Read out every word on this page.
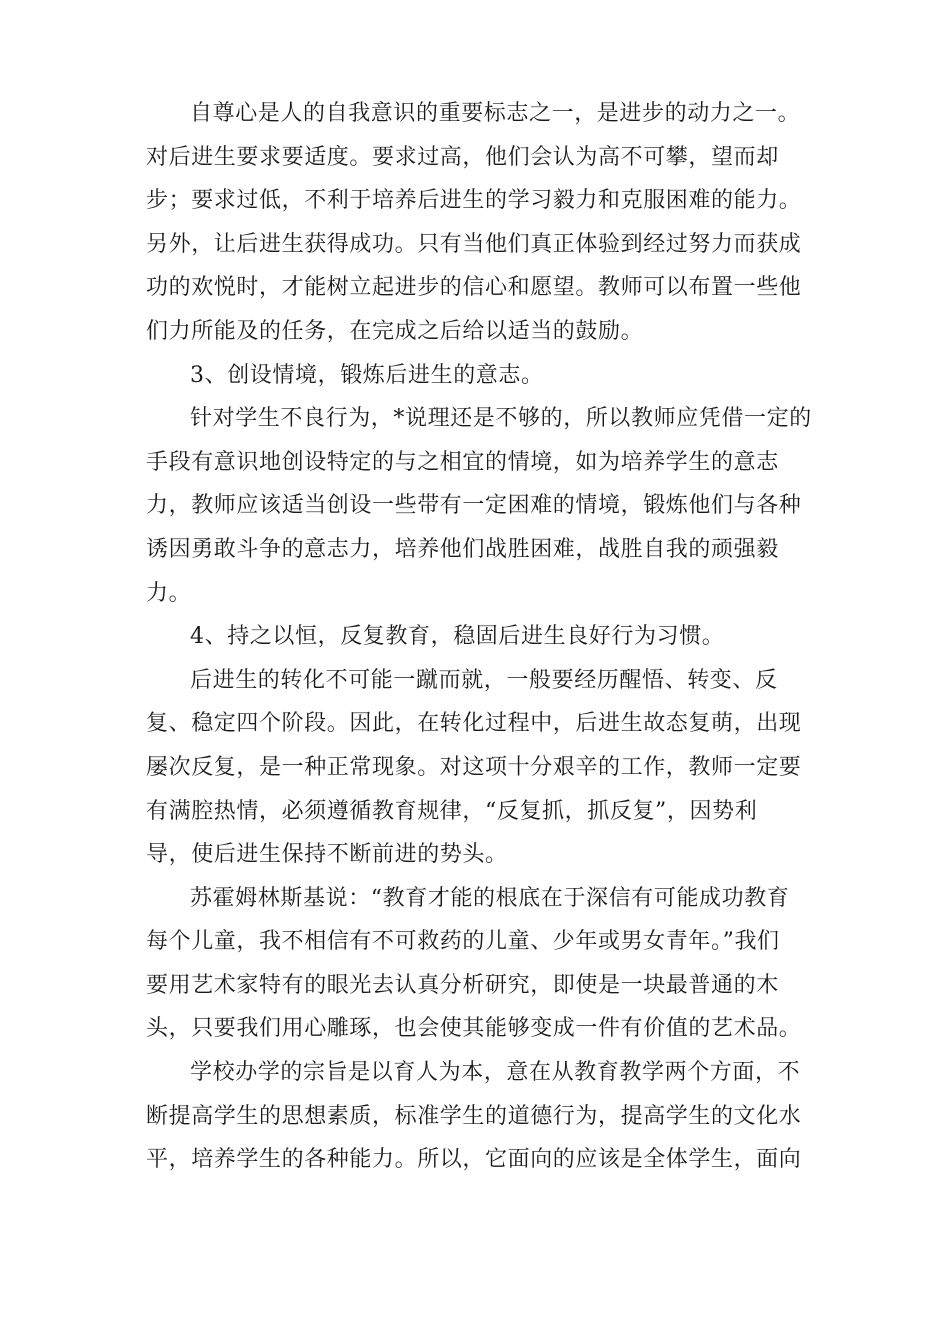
自尊心是人的自我意识的重要标志之一，是进步的动力之一。
对后进生要求要适度。要求过高，他们会认为高不可攀，望而却
步；要求过低，不利于培养后进生的学习毅力和克服困难的能力。
另外，让后进生获得成功。只有当他们真正体验到经过努力而获成
功的欢悦时，才能树立起进步的信心和愿望。教师可以布置一些他
们力所能及的任务，在完成之后给以适当的鼓励。
3、创设情境，锻炼后进生的意志。
针对学生不良行为，*说理还是不够的，所以教师应凭借一定的
手段有意识地创设特定的与之相宜的情境，如为培养学生的意志
力，教师应该适当创设一些带有一定困难的情境，锻炼他们与各种
诱因勇敢斗争的意志力，培养他们战胜困难，战胜自我的顽强毅
力。
4、持之以恒，反复教育，稳固后进生良好行为习惯。
后进生的转化不可能一蹴而就，一般要经历醒悟、转变、反
复、稳定四个阶段。因此，在转化过程中，后进生故态复萌，出现
屡次反复，是一种正常现象。对这项十分艰辛的工作，教师一定要
有满腔热情，必须遵循教育规律，“反复抓，抓反复”，因势利
导，使后进生保持不断前进的势头。
苏霍姆林斯基说：“教育才能的根底在于深信有可能成功教育
每个儿童，我不相信有不可救药的儿童、少年或男女青年。”我们
要用艺术家特有的眼光去认真分析研究，即使是一块最普通的木
头，只要我们用心雕琢，也会使其能够变成一件有价值的艺术品。
学校办学的宗旨是以育人为本，意在从教育教学两个方面，不
断提高学生的思想素质，标准学生的道德行为，提高学生的文化水
平，培养学生的各种能力。所以，它面向的应该是全体学生，面向
